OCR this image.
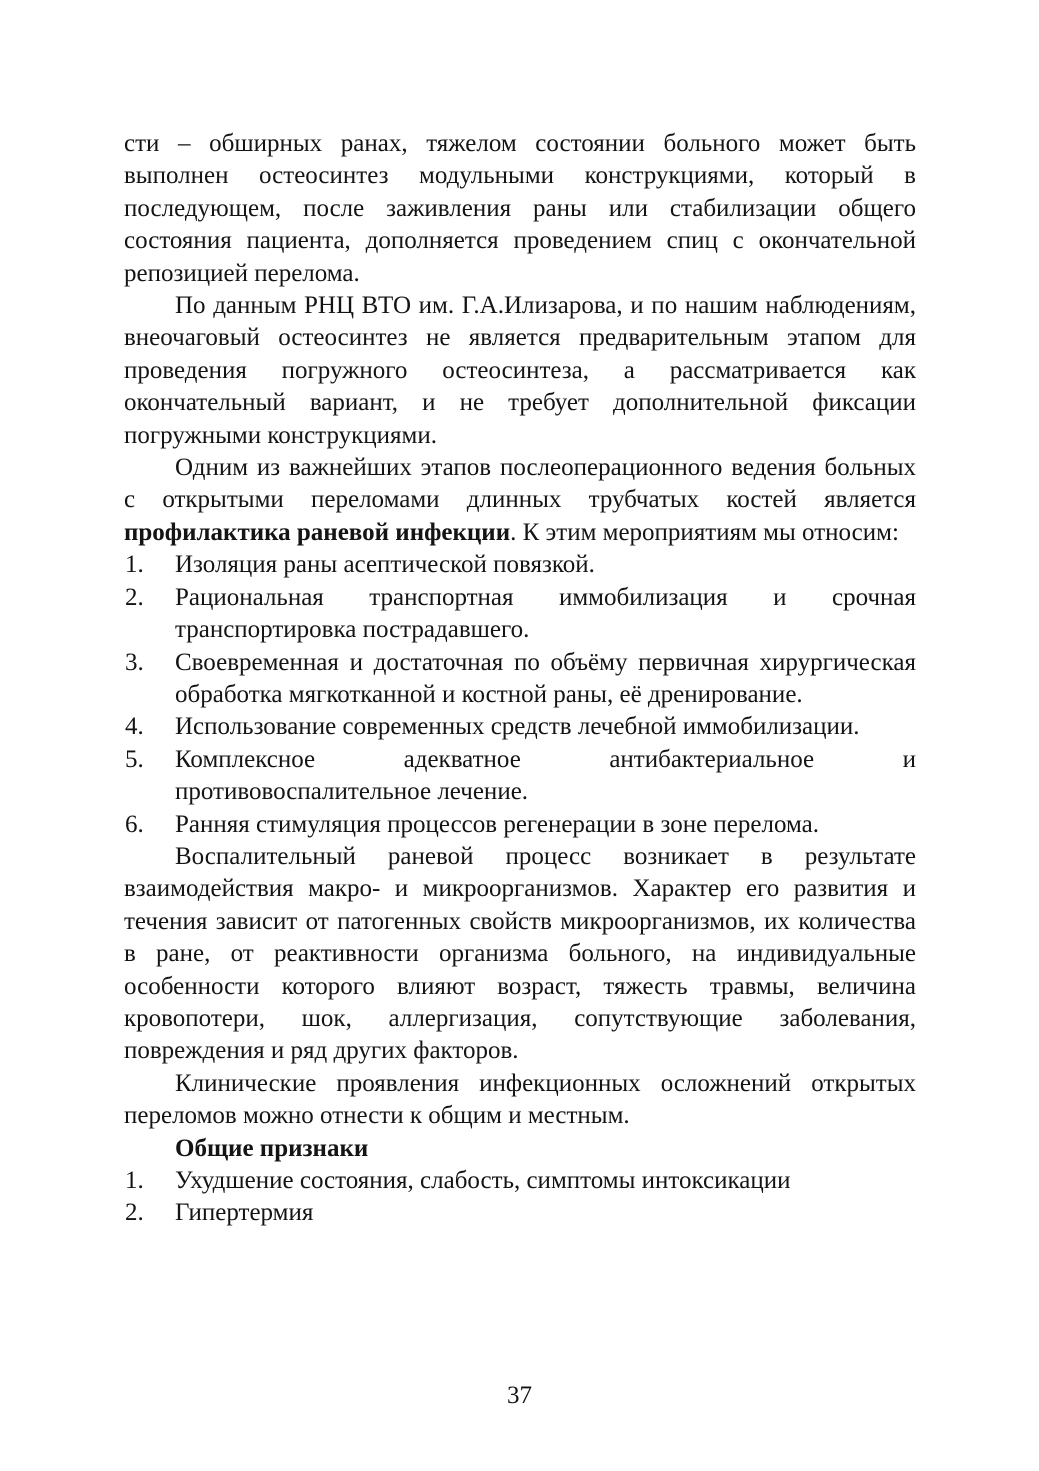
сти – обширных ранах, тяжелом состоянии больного может быть выполнен остеосинтез модульными конструкциями, который в последующем, после заживления раны или стабилизации общего состояния пациента, дополняется проведением спиц с окончательной репозицией перелома.

По данным РНЦ ВТО им. Г.А.Илизарова, и по нашим наблюдениям, внеочаговый остеосинтез не является предварительным этапом для проведения погружного остеосинтеза, а рассматривается как окончательный вариант, и не требует дополнительной фиксации погружными конструкциями.

Одним из важнейших этапов послеоперационного ведения больных с открытыми переломами длинных трубчатых костей является профилактика раневой инфекции. К этим мероприятиям мы относим:

1. Изоляция раны асептической повязкой.
2. Рациональная транспортная иммобилизация и срочная транспортировка пострадавшего.
3. Своевременная и достаточная по объёму первичная хирургическая обработка мягкотканной и костной раны, её дренирование.
4. Использование современных средств лечебной иммобилизации.
5. Комплексное адекватное антибактериальное и противовоспалительное лечение.
6. Ранняя стимуляция процессов регенерации в зоне перелома.

Воспалительный раневой процесс возникает в результате взаимодействия макро- и микроорганизмов. Характер его развития и течения зависит от патогенных свойств микроорганизмов, их количества в ране, от реактивности организма больного, на индивидуальные особенности которого влияют возраст, тяжесть травмы, величина кровопотери, шок, аллергизация, сопутствующие заболевания, повреждения и ряд других факторов.

Клинические проявления инфекционных осложнений открытых переломов можно отнести к общим и местным.

Общие признаки

1. Ухудшение состояния, слабость, симптомы интоксикации
2. Гипертермия
37
